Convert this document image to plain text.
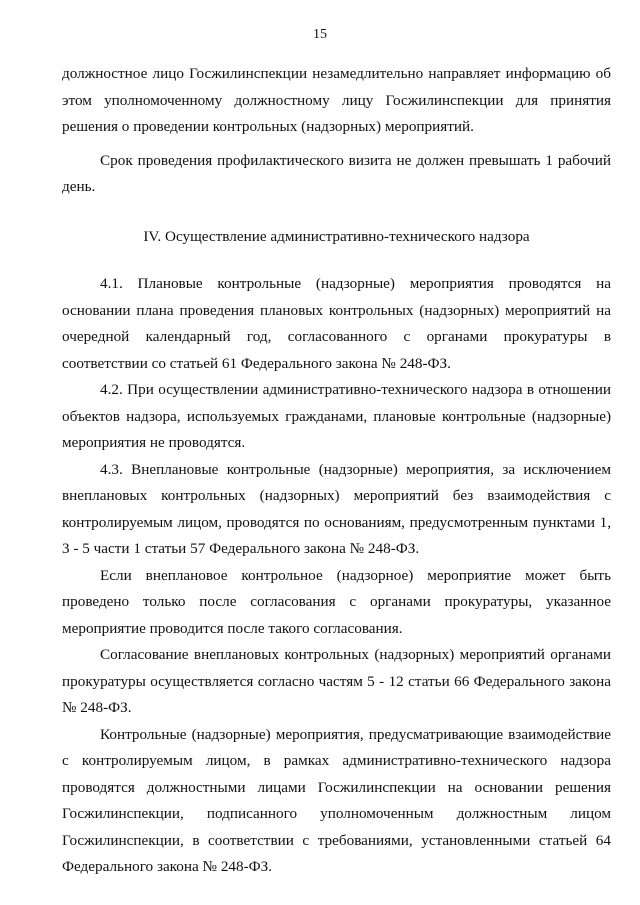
15

должностное лицо Госжилинспекции незамедлительно направляет информацию об этом уполномоченному должностному лицу Госжилинспекции для принятия решения о проведении контрольных (надзорных) мероприятий.

Срок проведения профилактического визита не должен превышать 1 рабочий день.

IV. Осуществление административно-технического надзора

4.1. Плановые контрольные (надзорные) мероприятия проводятся на основании плана проведения плановых контрольных (надзорных) мероприятий на очередной календарный год, согласованного с органами прокуратуры в соответствии со статьей 61 Федерального закона № 248-ФЗ.

4.2. При осуществлении административно-технического надзора в отношении объектов надзора, используемых гражданами, плановые контрольные (надзорные) мероприятия не проводятся.

4.3. Внеплановые контрольные (надзорные) мероприятия, за исключением внеплановых контрольных (надзорных) мероприятий без взаимодействия с контролируемым лицом, проводятся по основаниям, предусмотренным пунктами 1, 3 - 5 части 1 статьи 57 Федерального закона № 248-ФЗ.

Если внеплановое контрольное (надзорное) мероприятие может быть проведено только после согласования с органами прокуратуры, указанное мероприятие проводится после такого согласования.

Согласование внеплановых контрольных (надзорных) мероприятий органами прокуратуры осуществляется согласно частям 5 - 12 статьи 66 Федерального закона № 248-ФЗ.

Контрольные (надзорные) мероприятия, предусматривающие взаимодействие с контролируемым лицом, в рамках административно-технического надзора проводятся должностными лицами Госжилинспекции на основании решения Госжилинспекции, подписанного уполномоченным должностным лицом Госжилинспекции, в соответствии с требованиями, установленными статьей 64 Федерального закона № 248-ФЗ.
